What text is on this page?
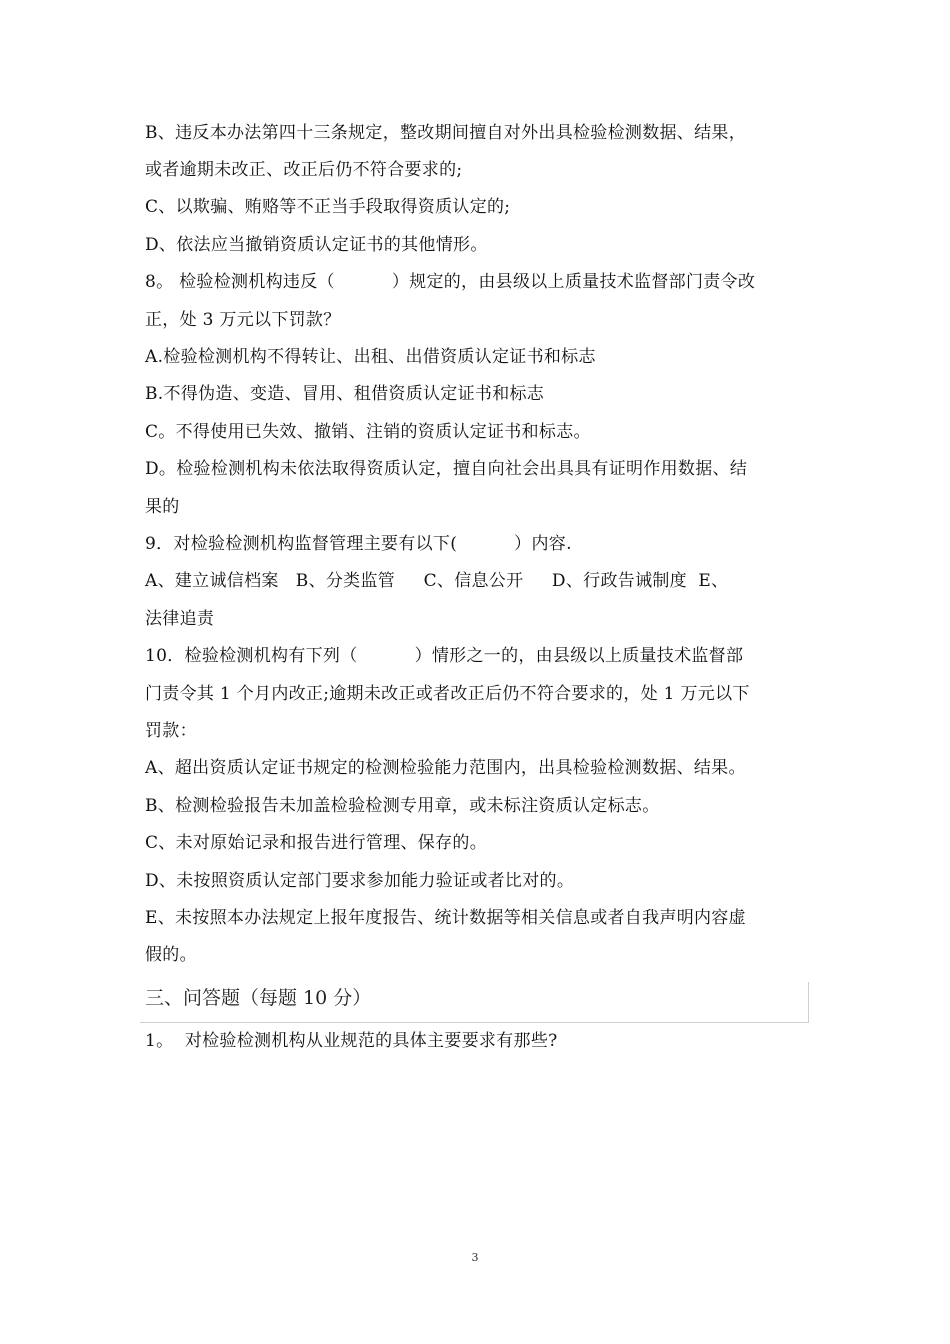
B、违反本办法第四十三条规定，整改期间擅自对外出具检验检测数据、结果，
或者逾期未改正、改正后仍不符合要求的;
C、以欺骗、贿赂等不正当手段取得资质认定的;
D、依法应当撤销资质认定证书的其他情形。
8。 检验检测机构违反（          ）规定的，由县级以上质量技术监督部门责令改
正，处 3 万元以下罚款？
A.检验检测机构不得转让、出租、出借资质认定证书和标志
B.不得伪造、变造、冒用、租借资质认定证书和标志
C。不得使用已失效、撤销、注销的资质认定证书和标志。
D。检验检测机构未依法取得资质认定，擅自向社会出具具有证明作用数据、结
果的
9．对检验检测机构监督管理主要有以下(          ）内容.
A、建立诚信档案   B、分类监管     C、信息公开     D、行政告诫制度  E、
法律追责
10．检验检测机构有下列（          ）情形之一的，由县级以上质量技术监督部
门责令其 1 个月内改正;逾期未改正或者改正后仍不符合要求的，处 1 万元以下
罚款：
A、超出资质认定证书规定的检测检验能力范围内，出具检验检测数据、结果。
B、检测检验报告未加盖检验检测专用章，或未标注资质认定标志。
C、未对原始记录和报告进行管理、保存的。
D、未按照资质认定部门要求参加能力验证或者比对的。
E、未按照本办法规定上报年度报告、统计数据等相关信息或者自我声明内容虚
假的。
三、问答题（每题 10 分）
1。  对检验检测机构从业规范的具体主要要求有那些?
3
